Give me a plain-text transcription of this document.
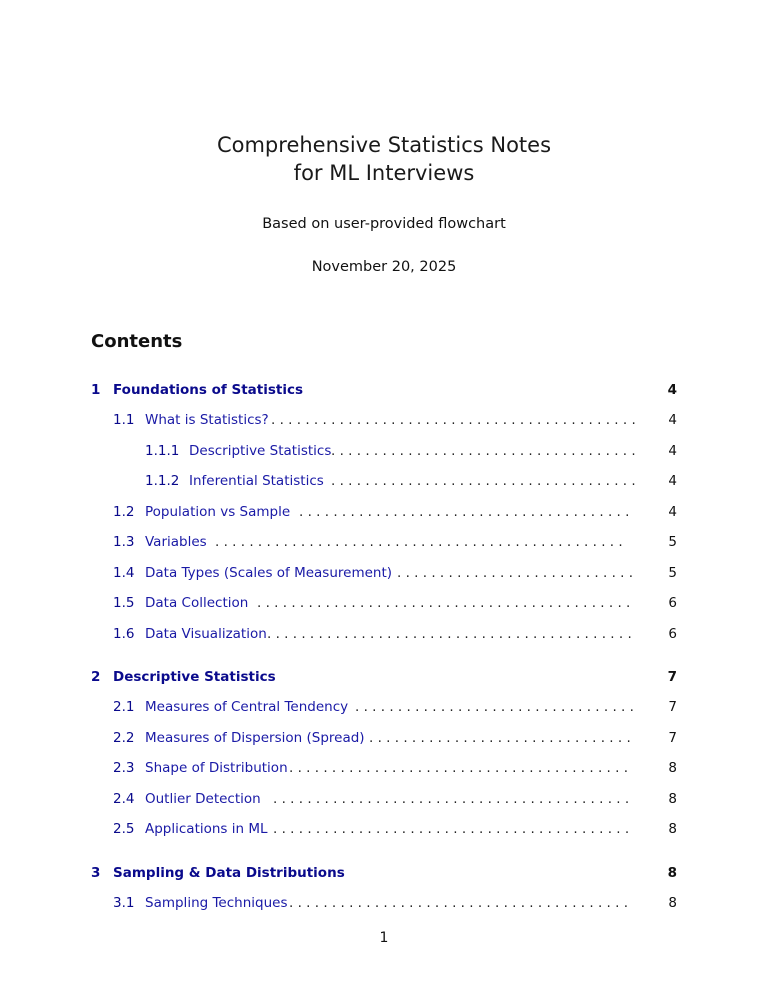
Comprehensive Statistics Notes
for ML Interviews
Based on user-provided flowchart
November 20, 2025
Contents
1 Foundations of Statistics	4
1.1 What is Statistics? . . . . . . . . . . . . . . . . . . . . . . . . . . . . . . . . . . . . . . . . . . .	4
1.1.1 Descriptive Statistics . . . . . . . . . . . . . . . . . . . . . . . . . . . . . . . . . . . .	4
1.1.2 Inferential Statistics . . . . . . . . . . . . . . . . . . . . . . . . . . . . . . . . . . . .	4
1.2 Population vs Sample . . . . . . . . . . . . . . . . . . . . . . . . . . . . . . . . . . . . . . .	4
1.3 Variables . . . . . . . . . . . . . . . . . . . . . . . . . . . . . . . . . . . . . . . . . . . . . . . .	5
1.4 Data Types (Scales of Measurement) . . . . . . . . . . . . . . . . . . . . . . . . . . . .	5
1.5 Data Collection . . . . . . . . . . . . . . . . . . . . . . . . . . . . . . . . . . . . . . . . . . . .	6
1.6 Data Visualization . . . . . . . . . . . . . . . . . . . . . . . . . . . . . . . . . . . . . . . . . . .	6
2 Descriptive Statistics	7
2.1 Measures of Central Tendency . . . . . . . . . . . . . . . . . . . . . . . . . . . . . . . . .	7
2.2 Measures of Dispersion (Spread) . . . . . . . . . . . . . . . . . . . . . . . . . . . . . . .	7
2.3 Shape of Distribution . . . . . . . . . . . . . . . . . . . . . . . . . . . . . . . . . . . . . . . .	8
2.4 Outlier Detection . . . . . . . . . . . . . . . . . . . . . . . . . . . . . . . . . . . . . . . . . .	8
2.5 Applications in ML . . . . . . . . . . . . . . . . . . . . . . . . . . . . . . . . . . . . . . . . . .	8
3 Sampling & Data Distributions	8
3.1 Sampling Techniques . . . . . . . . . . . . . . . . . . . . . . . . . . . . . . . . . . . . . . . .	8
1
